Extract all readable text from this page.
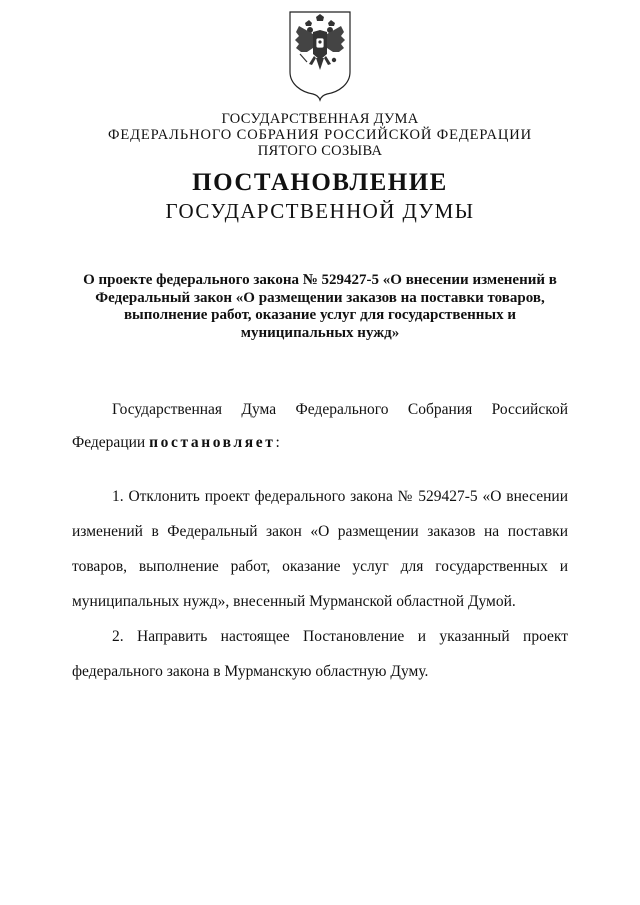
ГОСУДАРСТВЕННАЯ ДУМА
ФЕДЕРАЛЬНОГО СОБРАНИЯ РОССИЙСКОЙ ФЕДЕРАЦИИ
ПЯТОГО СОЗЫВА
ПОСТАНОВЛЕНИЕ
ГОСУДАРСТВЕННОЙ ДУМЫ
О проекте федерального закона № 529427-5 «О внесении изменений в
Федеральный закон «О размещении заказов на поставки товаров,
выполнение работ, оказание услуг для государственных и
муниципальных нужд»
Государственная Дума Федерального Собрания Российской
Федерации постановляет:
1. Отклонить проект федерального закона № 529427-5 «О внесении
изменений в Федеральный закон «О размещении заказов на поставки
товаров, выполнение работ, оказание услуг для государственных и
муниципальных нужд», внесенный Мурманской областной Думой.
2. Направить настоящее Постановление и указанный проект
федерального закона в Мурманскую областную Думу.
